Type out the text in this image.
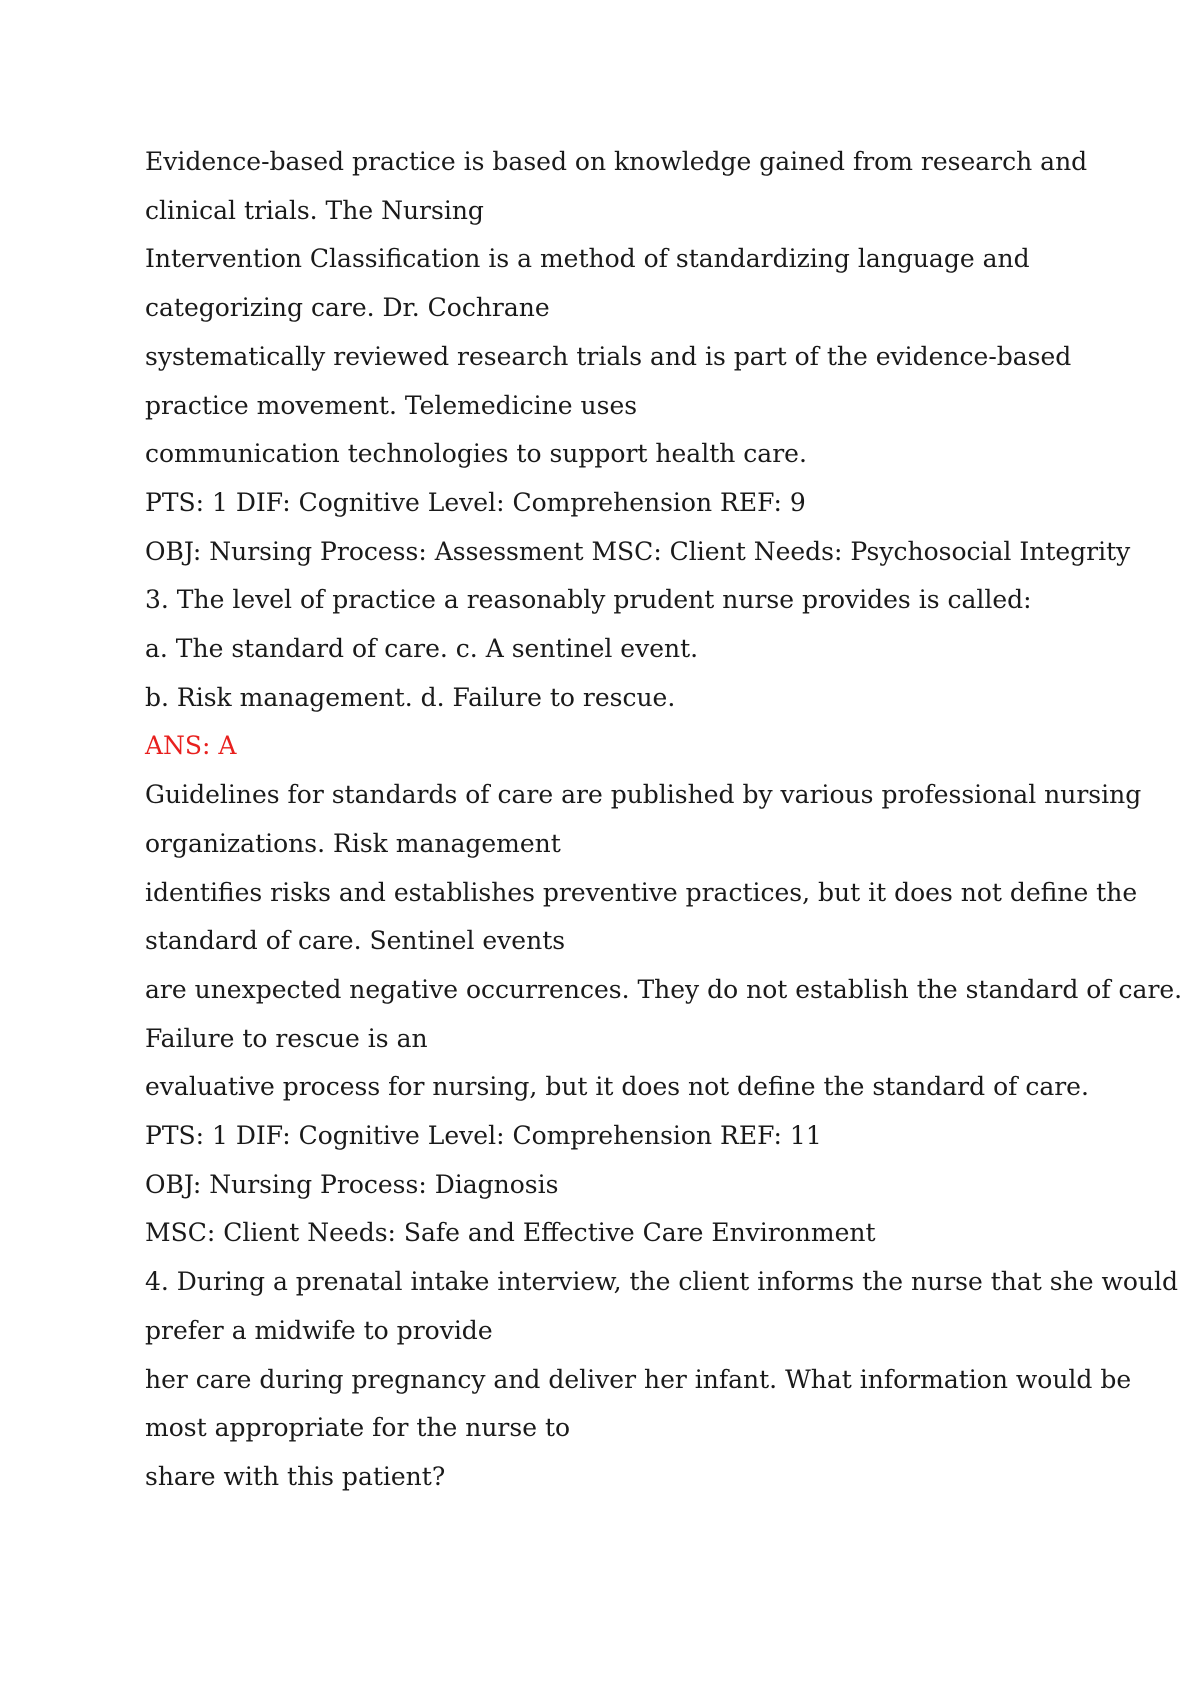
Evidence-based practice is based on knowledge gained from research and
clinical trials. The Nursing
Intervention Classification is a method of standardizing language and
categorizing care. Dr. Cochrane
systematically reviewed research trials and is part of the evidence-based
practice movement. Telemedicine uses
communication technologies to support health care.
PTS: 1 DIF: Cognitive Level: Comprehension REF: 9
OBJ: Nursing Process: Assessment MSC: Client Needs: Psychosocial Integrity
3. The level of practice a reasonably prudent nurse provides is called:
a. The standard of care. c. A sentinel event.
b. Risk management. d. Failure to rescue.
ANS: A
Guidelines for standards of care are published by various professional nursing
organizations. Risk management
identifies risks and establishes preventive practices, but it does not define the
standard of care. Sentinel events
are unexpected negative occurrences. They do not establish the standard of care.
Failure to rescue is an
evaluative process for nursing, but it does not define the standard of care.
PTS: 1 DIF: Cognitive Level: Comprehension REF: 11
OBJ: Nursing Process: Diagnosis
MSC: Client Needs: Safe and Effective Care Environment
4. During a prenatal intake interview, the client informs the nurse that she would
prefer a midwife to provide
her care during pregnancy and deliver her infant. What information would be
most appropriate for the nurse to
share with this patient?
